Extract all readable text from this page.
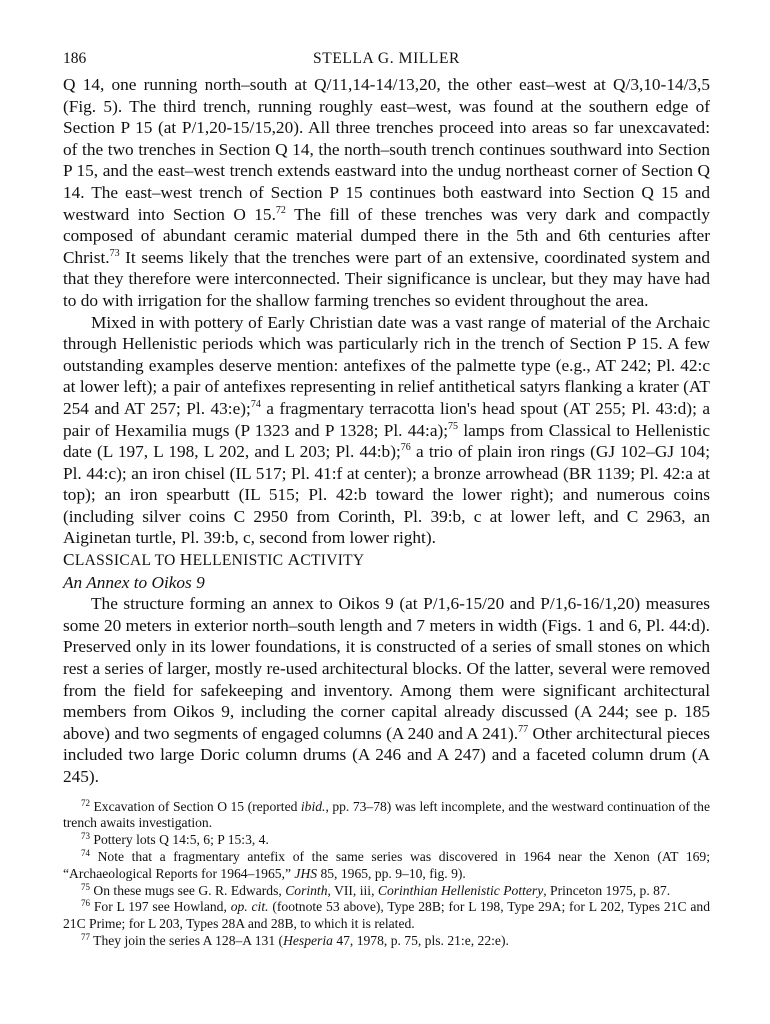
186	STELLA G. MILLER

Q 14, one running north–south at Q/11,14-14/13,20, the other east–west at Q/3,10-14/3,5 (Fig. 5). The third trench, running roughly east–west, was found at the southern edge of Section P 15 (at P/1,20-15/15,20). All three trenches proceed into areas so far unexcavated: of the two trenches in Section Q 14, the north–south trench continues southward into Section P 15, and the east–west trench extends eastward into the undug northeast corner of Section Q 14. The east–west trench of Section P 15 continues both eastward into Section Q 15 and westward into Section O 15.72 The fill of these trenches was very dark and compactly composed of abundant ceramic material dumped there in the 5th and 6th centuries after Christ.$^{73}$ It seems likely that the trenches were part of an extensive, coordinated system and that they therefore were interconnected. Their significance is unclear, but they may have had to do with irrigation for the shallow farming trenches so evident throughout the area.

Mixed in with pottery of Early Christian date was a vast range of material of the Archaic through Hellenistic periods which was particularly rich in the trench of Section P 15. A few outstanding examples deserve mention: antefixes of the palmette type (e.g., AT 242; Pl. 42:c at lower left); a pair of antefixes representing in relief antithetical satyrs flanking a krater (AT 254 and AT 257; Pl. 43:e);$^{74}$ a fragmentary terracotta lion's head spout (AT 255; Pl. 43:d); a pair of Hexamilia mugs (P 1323 and P 1328; Pl. 44:a);$^{75}$ lamps from Classical to Hellenistic date (L 197, L 198, L 202, and L 203; Pl. 44:b);$^{76}$ a trio of plain iron rings (GJ 102–GJ 104; Pl. 44:c); an iron chisel (IL 517; Pl. 41:f at center); a bronze arrowhead (BR 1139; Pl. 42:a at top); an iron spearbutt (IL 515; Pl. 42:b toward the lower right); and numerous coins (including silver coins C 2950 from Corinth, Pl. 39:b, c at lower left, and C 2963, an Aiginetan turtle, Pl. 39:b, c, second from lower right).

CLASSICAL TO HELLENISTIC ACTIVITY

An Annex to Oikos 9

The structure forming an annex to Oikos 9 (at P/1,6-15/20 and P/1,6-16/1,20) measures some 20 meters in exterior north–south length and 7 meters in width (Figs. 1 and 6, Pl. 44:d). Preserved only in its lower foundations, it is constructed of a series of small stones on which rest a series of larger, mostly re-used architectural blocks. Of the latter, several were removed from the field for safekeeping and inventory. Among them were significant architectural members from Oikos 9, including the corner capital already discussed (A 244; see p. 185 above) and two segments of engaged columns (A 240 and A 241).$^{77}$ Other architectural pieces included two large Doric column drums (A 246 and A 247) and a faceted column drum (A 245).

$^{72}$ Excavation of Section O 15 (reported ibid., pp. 73–78) was left incomplete, and the westward continuation of the trench awaits investigation.

$^{73}$ Pottery lots Q 14:5, 6; P 15:3, 4.

$^{74}$ Note that a fragmentary antefix of the same series was discovered in 1964 near the Xenon (AT 169; “Archaeological Reports for 1964–1965,” JHS 85, 1965, pp. 9–10, fig. 9).

$^{75}$ On these mugs see G. R. Edwards, Corinth, VII, iii, Corinthian Hellenistic Pottery, Princeton 1975, p. 87.

$^{76}$ For L 197 see Howland, op. cit. (footnote 53 above), Type 28B; for L 198, Type 29A; for L 202, Types 21C and 21C Prime; for L 203, Types 28A and 28B, to which it is related.

$^{77}$ They join the series A 128–A 131 (Hesperia 47, 1978, p. 75, pls. 21:e, 22:e).
